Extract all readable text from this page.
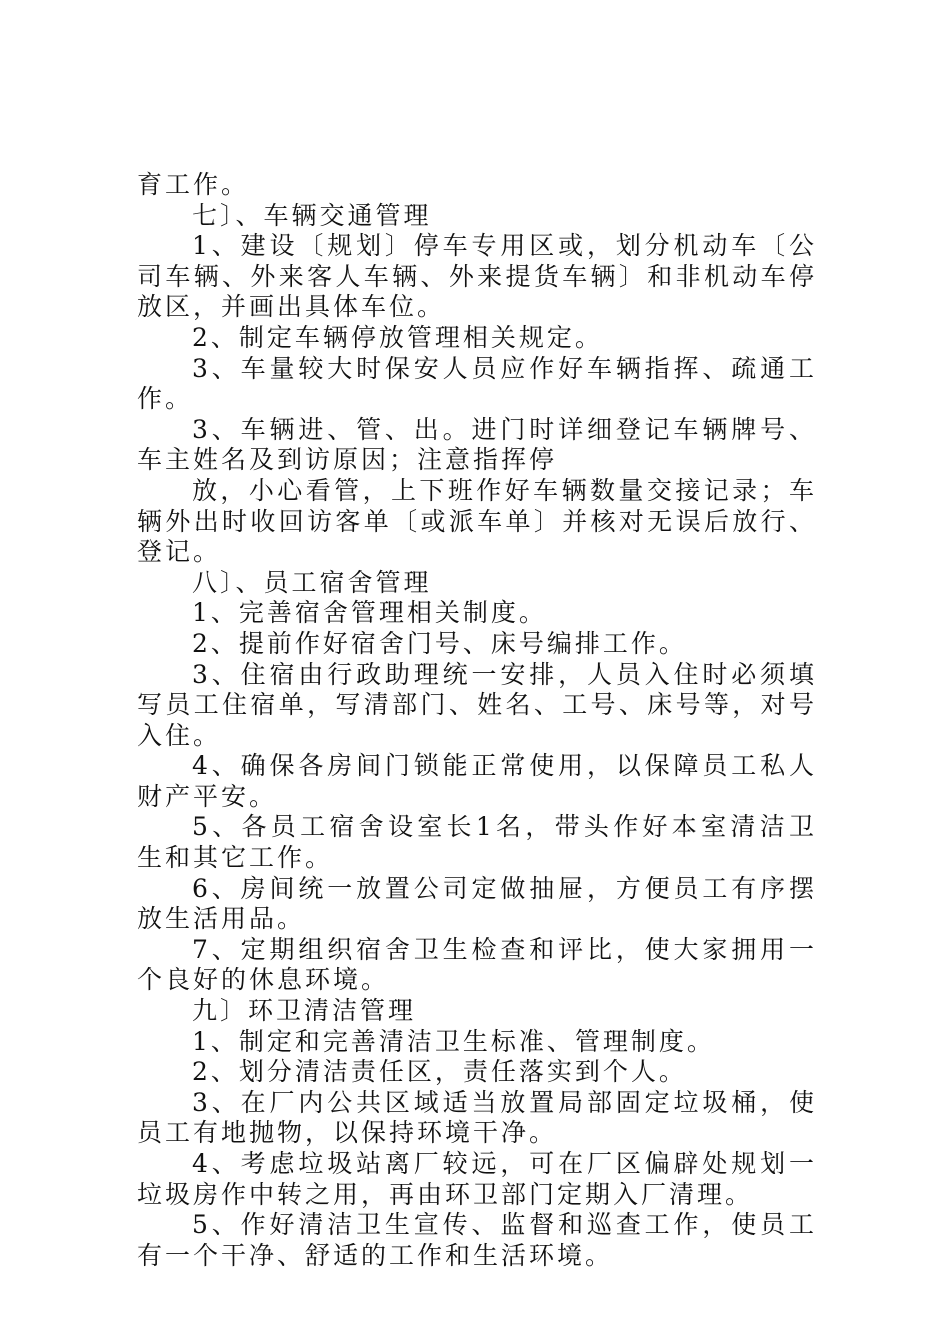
育工作。

七〕、车辆交通管理

1、建设〔规划〕停车专用区或，划分机动车〔公司车辆、外来客人车辆、外来提货车辆〕和非机动车停放区，并画出具体车位。

2、制定车辆停放管理相关规定。

3、车量较大时保安人员应作好车辆指挥、疏通工作。

3、车辆进、管、出。进门时详细登记车辆牌号、车主姓名及到访原因；注意指挥停

放，小心看管，上下班作好车辆数量交接记录；车辆外出时收回访客单〔或派车单〕并核对无误后放行、登记。

八〕、员工宿舍管理

1、完善宿舍管理相关制度。

2、提前作好宿舍门号、床号编排工作。

3、住宿由行政助理统一安排，人员入住时必须填写员工住宿单，写清部门、姓名、工号、床号等，对号入住。

4、确保各房间门锁能正常使用，以保障员工私人财产平安。

5、各员工宿舍设室长1名，带头作好本室清洁卫生和其它工作。

6、房间统一放置公司定做抽屉，方便员工有序摆放生活用品。

7、定期组织宿舍卫生检查和评比，使大家拥用一个良好的休息环境。

九〕环卫清洁管理

1、制定和完善清洁卫生标准、管理制度。

2、划分清洁责任区，责任落实到个人。

3、在厂内公共区域适当放置局部固定垃圾桶，使员工有地抛物，以保持环境干净。

4、考虑垃圾站离厂较远，可在厂区偏辟处规划一垃圾房作中转之用，再由环卫部门定期入厂清理。

5、作好清洁卫生宣传、监督和巡查工作，使员工有一个干净、舒适的工作和生活环境。
